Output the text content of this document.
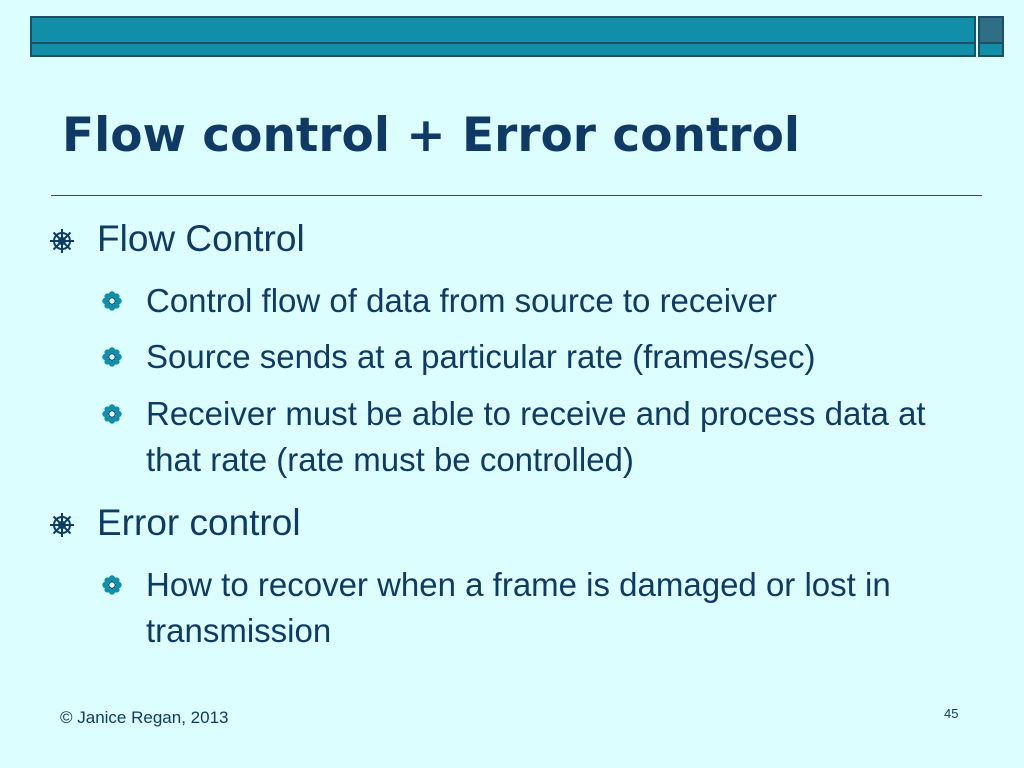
Flow control + Error control
Flow Control
Control flow of data from source to receiver
Source sends at a particular rate (frames/sec)
Receiver must be able to receive and process data at that rate (rate must be controlled)
Error control
How to recover when a frame is damaged or lost in transmission
© Janice Regan, 2013	45
